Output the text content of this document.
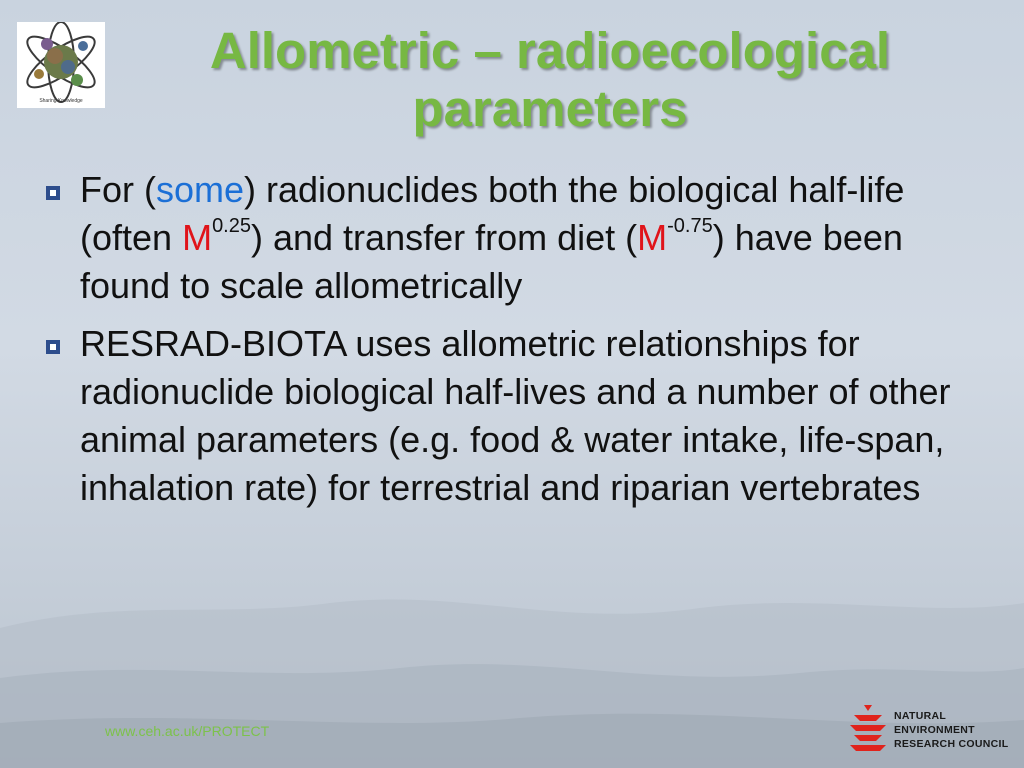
Sharing Knowledge
Allometric – radioecological parameters
For (some) radionuclides both the biological half-life (often $M^{0.25}$) and transfer from diet $(M^{-0.75})$ have been found to scale allometrically
RESRAD-BIOTA uses allometric relationships for radionuclide biological half-lives and a number of other animal parameters (e.g. food & water intake, life-span, inhalation rate) for terrestrial and riparian vertebrates
www.ceh.ac.uk/PROTECT
NATURAL
ENVIRONMENT
RESEARCH COUNCIL
